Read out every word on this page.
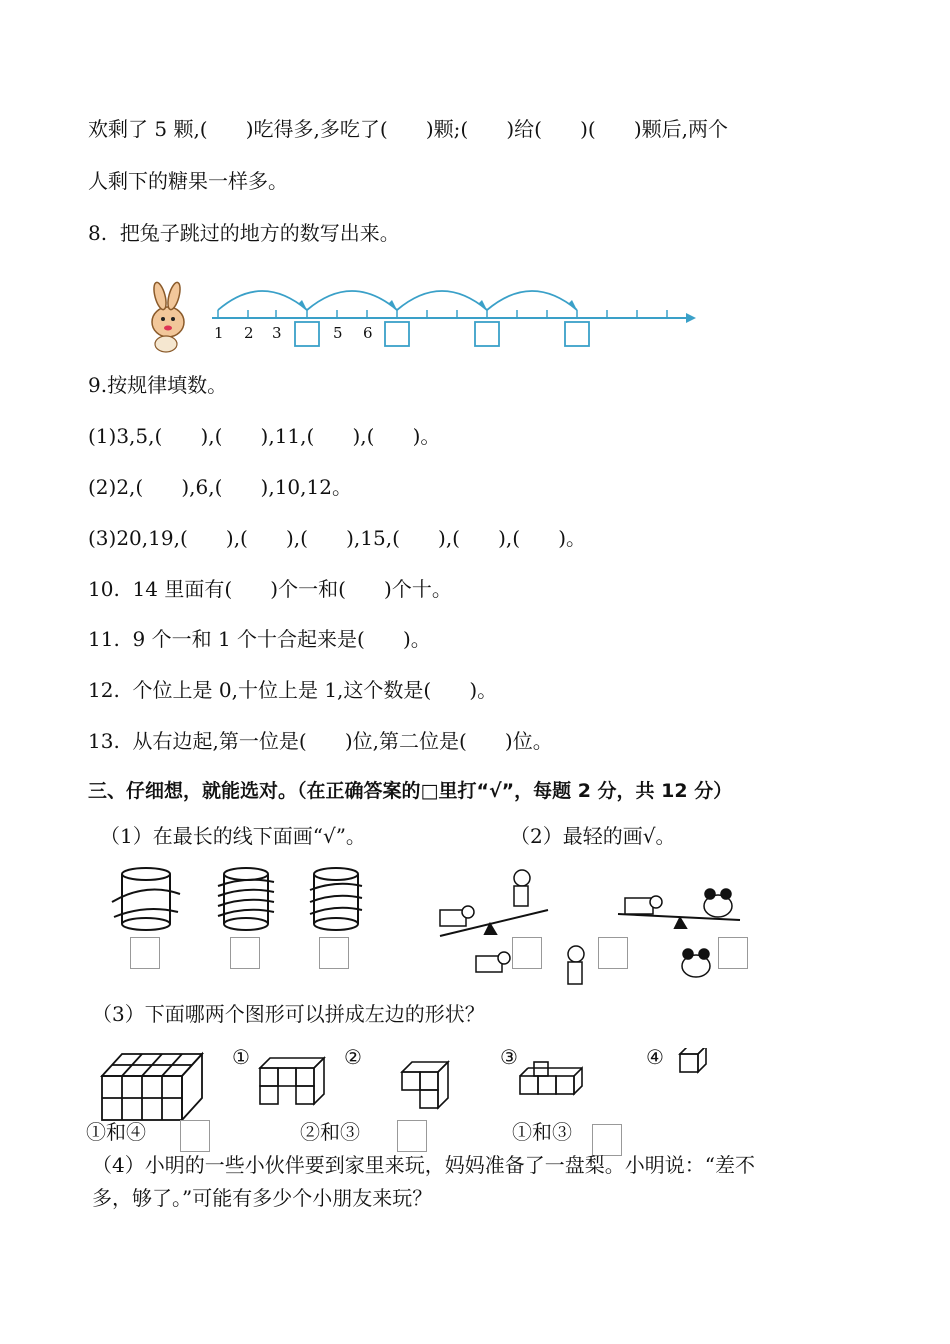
欢剩了 5 颗,(      )吃得多,多吃了(      )颗;(      )给(      )(      )颗后,两个
人剩下的糖果一样多。
8.  把兔子跳过的地方的数写出来。
1 2 3	5 6
9.按规律填数。
(1)3,5,(      ),(      ),11,(      ),(      )。
(2)2,(      ),6,(      ),10,12。
(3)20,19,(      ),(      ),(      ),15,(      ),(      ),(      )。
10.  14 里面有(      )个一和(      )个十。
11.  9 个一和 1 个十合起来是(      )。
12.  个位上是 0,十位上是 1,这个数是(      )。
13.  从右边起,第一位是(      )位,第二位是(      )位。
三、仔细想，就能选对。（在正确答案的□里打“√”，每题 2 分，共 12 分）
（1）在最长的线下面画“√”。	（2）最轻的画√。
（3）下面哪两个图形可以拼成左边的形状？
①	②	③	④
①和④	②和③	①和③
（4）小明的一些小伙伴要到家里来玩，妈妈准备了一盘梨。小明说：“差不
多，够了。”可能有多少个小朋友来玩？
